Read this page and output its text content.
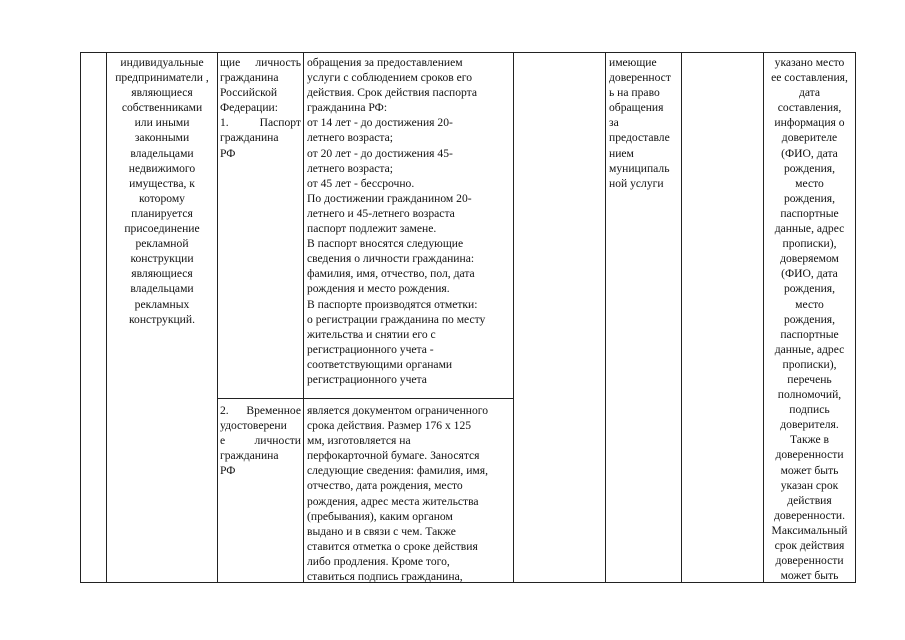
индивидуальные
предприниматели ,
являющиеся
собственниками
или иными
законными
владельцами
недвижимого
имущества, к
которому
планируется
присоединение
рекламной
конструкции
являющиеся
владельцами
рекламных
конструкций.
щие личность
гражданина
Российской
Федерации:
1.	Паспорт
гражданина
РФ
обращения за предоставлением
услуги с соблюдением сроков его
действия. Срок действия паспорта
гражданина РФ:
от 14 лет - до достижения 20-
летнего возраста;
от 20 лет - до достижения 45-
летнего возраста;
от 45 лет - бессрочно.
По достижении гражданином 20-
летнего и 45-летнего возраста
паспорт подлежит замене.
В паспорт вносятся следующие
сведения о личности гражданина:
фамилия, имя, отчество, пол, дата
рождения и место рождения.
В паспорте производятся отметки:
о регистрации гражданина по месту
жительства и снятии его с
регистрационного учета -
соответствующими органами
регистрационного учета
2. Временное
удостоверени
е	личности
гражданина
РФ
является документом ограниченного
срока действия. Размер 176 х 125
мм, изготовляется на
перфокарточной бумаге. Заносятся
следующие сведения: фамилия, имя,
отчество, дата рождения, место
рождения, адрес места жительства
(пребывания), каким органом
выдано и в связи с чем. Также
ставится отметка о сроке действия
либо продления. Кроме того,
ставиться подпись гражданина,
имеющие
доверенност
ь на право
обращения
за
предоставле
нием
муниципаль
ной услуги
указано место
ее составления,
дата
составления,
информация о
доверителе
(ФИО, дата
рождения,
место
рождения,
паспортные
данные, адрес
прописки),
доверяемом
(ФИО, дата
рождения,
место
рождения,
паспортные
данные, адрес
прописки),
перечень
полномочий,
подпись
доверителя.
Также в
доверенности
может быть
указан срок
действия
доверенности.
Максимальный
срок действия
доверенности
может быть
